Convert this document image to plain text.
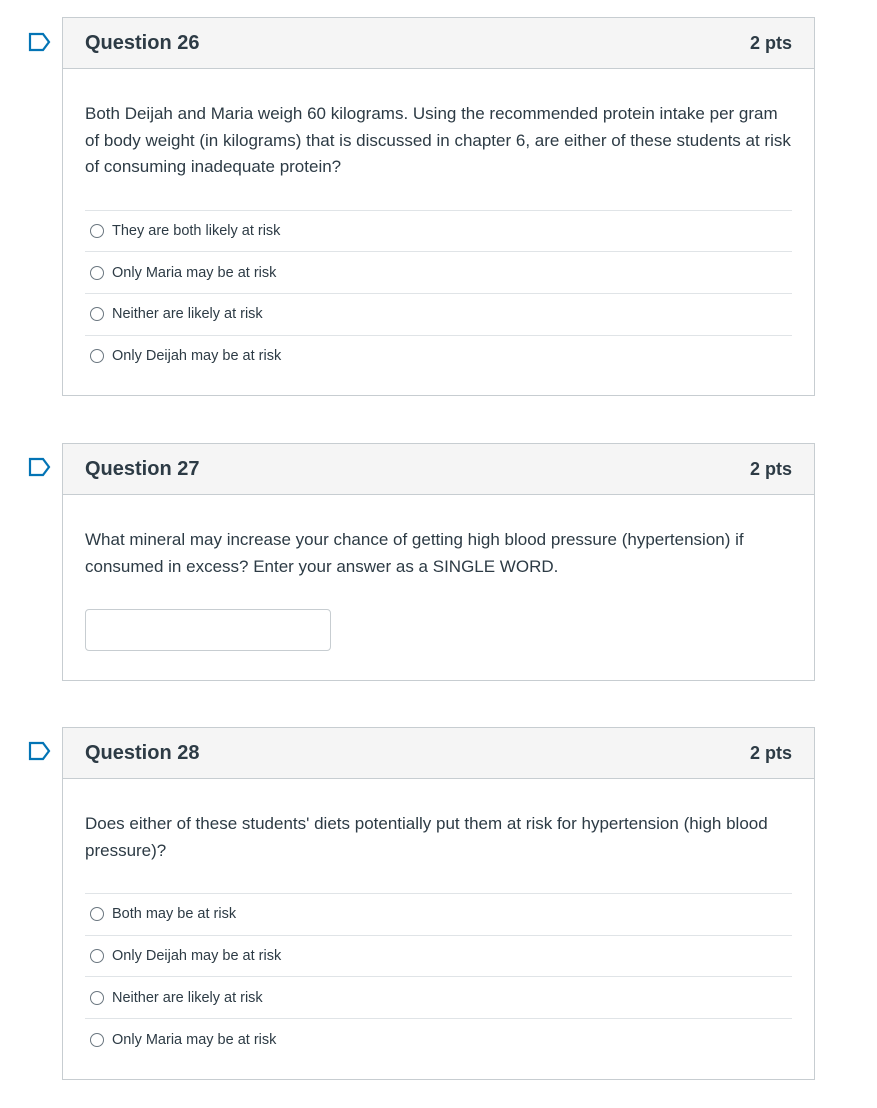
Question 26	2 pts
Both Deijah and Maria weigh 60 kilograms. Using the recommended protein intake per gram of body weight (in kilograms) that is discussed in chapter 6, are either of these students at risk of consuming inadequate protein?
They are both likely at risk
Only Maria may be at risk
Neither are likely at risk
Only Deijah may be at risk
Question 27	2 pts
What mineral may increase your chance of getting high blood pressure (hypertension) if consumed in excess? Enter your answer as a SINGLE WORD.
Question 28	2 pts
Does either of these students' diets potentially put them at risk for hypertension (high blood pressure)?
Both may be at risk
Only Deijah may be at risk
Neither are likely at risk
Only Maria may be at risk
